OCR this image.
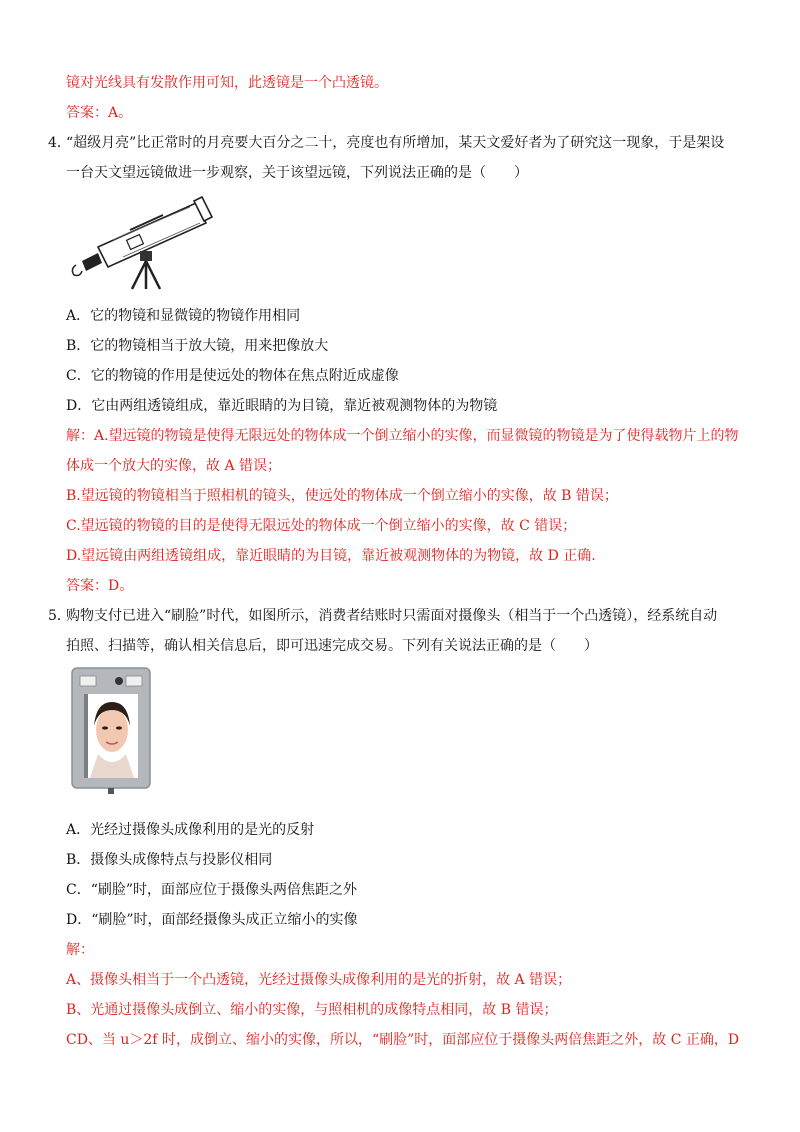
镜对光线具有发散作用可知，此透镜是一个凸透镜。
答案：A。
4．
“超级月亮”比正常时的月亮要大百分之二十，亮度也有所增加，某天文爱好者为了研究这一现象，于是架设
一台天文望远镜做进一步观察，关于该望远镜，下列说法正确的是（　　）
A．它的物镜和显微镜的物镜作用相同
B．它的物镜相当于放大镜，用来把像放大
C．它的物镜的作用是使远处的物体在焦点附近成虚像
D．它由两组透镜组成，靠近眼睛的为目镜，靠近被观测物体的为物镜
解：A.望远镜的物镜是使得无限远处的物体成一个倒立缩小的实像，而显微镜的物镜是为了使得载物片上的物
体成一个放大的实像，故 A 错误；
B.望远镜的物镜相当于照相机的镜头，使远处的物体成一个倒立缩小的实像，故 B 错误；
C.望远镜的物镜的目的是使得无限远处的物体成一个倒立缩小的实像，故 C 错误；
D.望远镜由两组透镜组成，靠近眼睛的为目镜，靠近被观测物体的为物镜，故 D 正确.
答案：D。
5．
购物支付已进入“刷脸”时代，如图所示，消费者结账时只需面对摄像头（相当于一个凸透镜），经系统自动
拍照、扫描等，确认相关信息后，即可迅速完成交易。下列有关说法正确的是（　　）
A．光经过摄像头成像利用的是光的反射
B．摄像头成像特点与投影仪相同
C．“刷脸”时，面部应位于摄像头两倍焦距之外
D．“刷脸”时，面部经摄像头成正立缩小的实像
解：
A、摄像头相当于一个凸透镜，光经过摄像头成像利用的是光的折射，故 A 错误；
B、光通过摄像头成倒立、缩小的实像，与照相机的成像特点相同，故 B 错误；
CD、当 u＞2f 时，成倒立、缩小的实像，所以，“刷脸”时，面部应位于摄像头两倍焦距之外，故 C 正确，D
